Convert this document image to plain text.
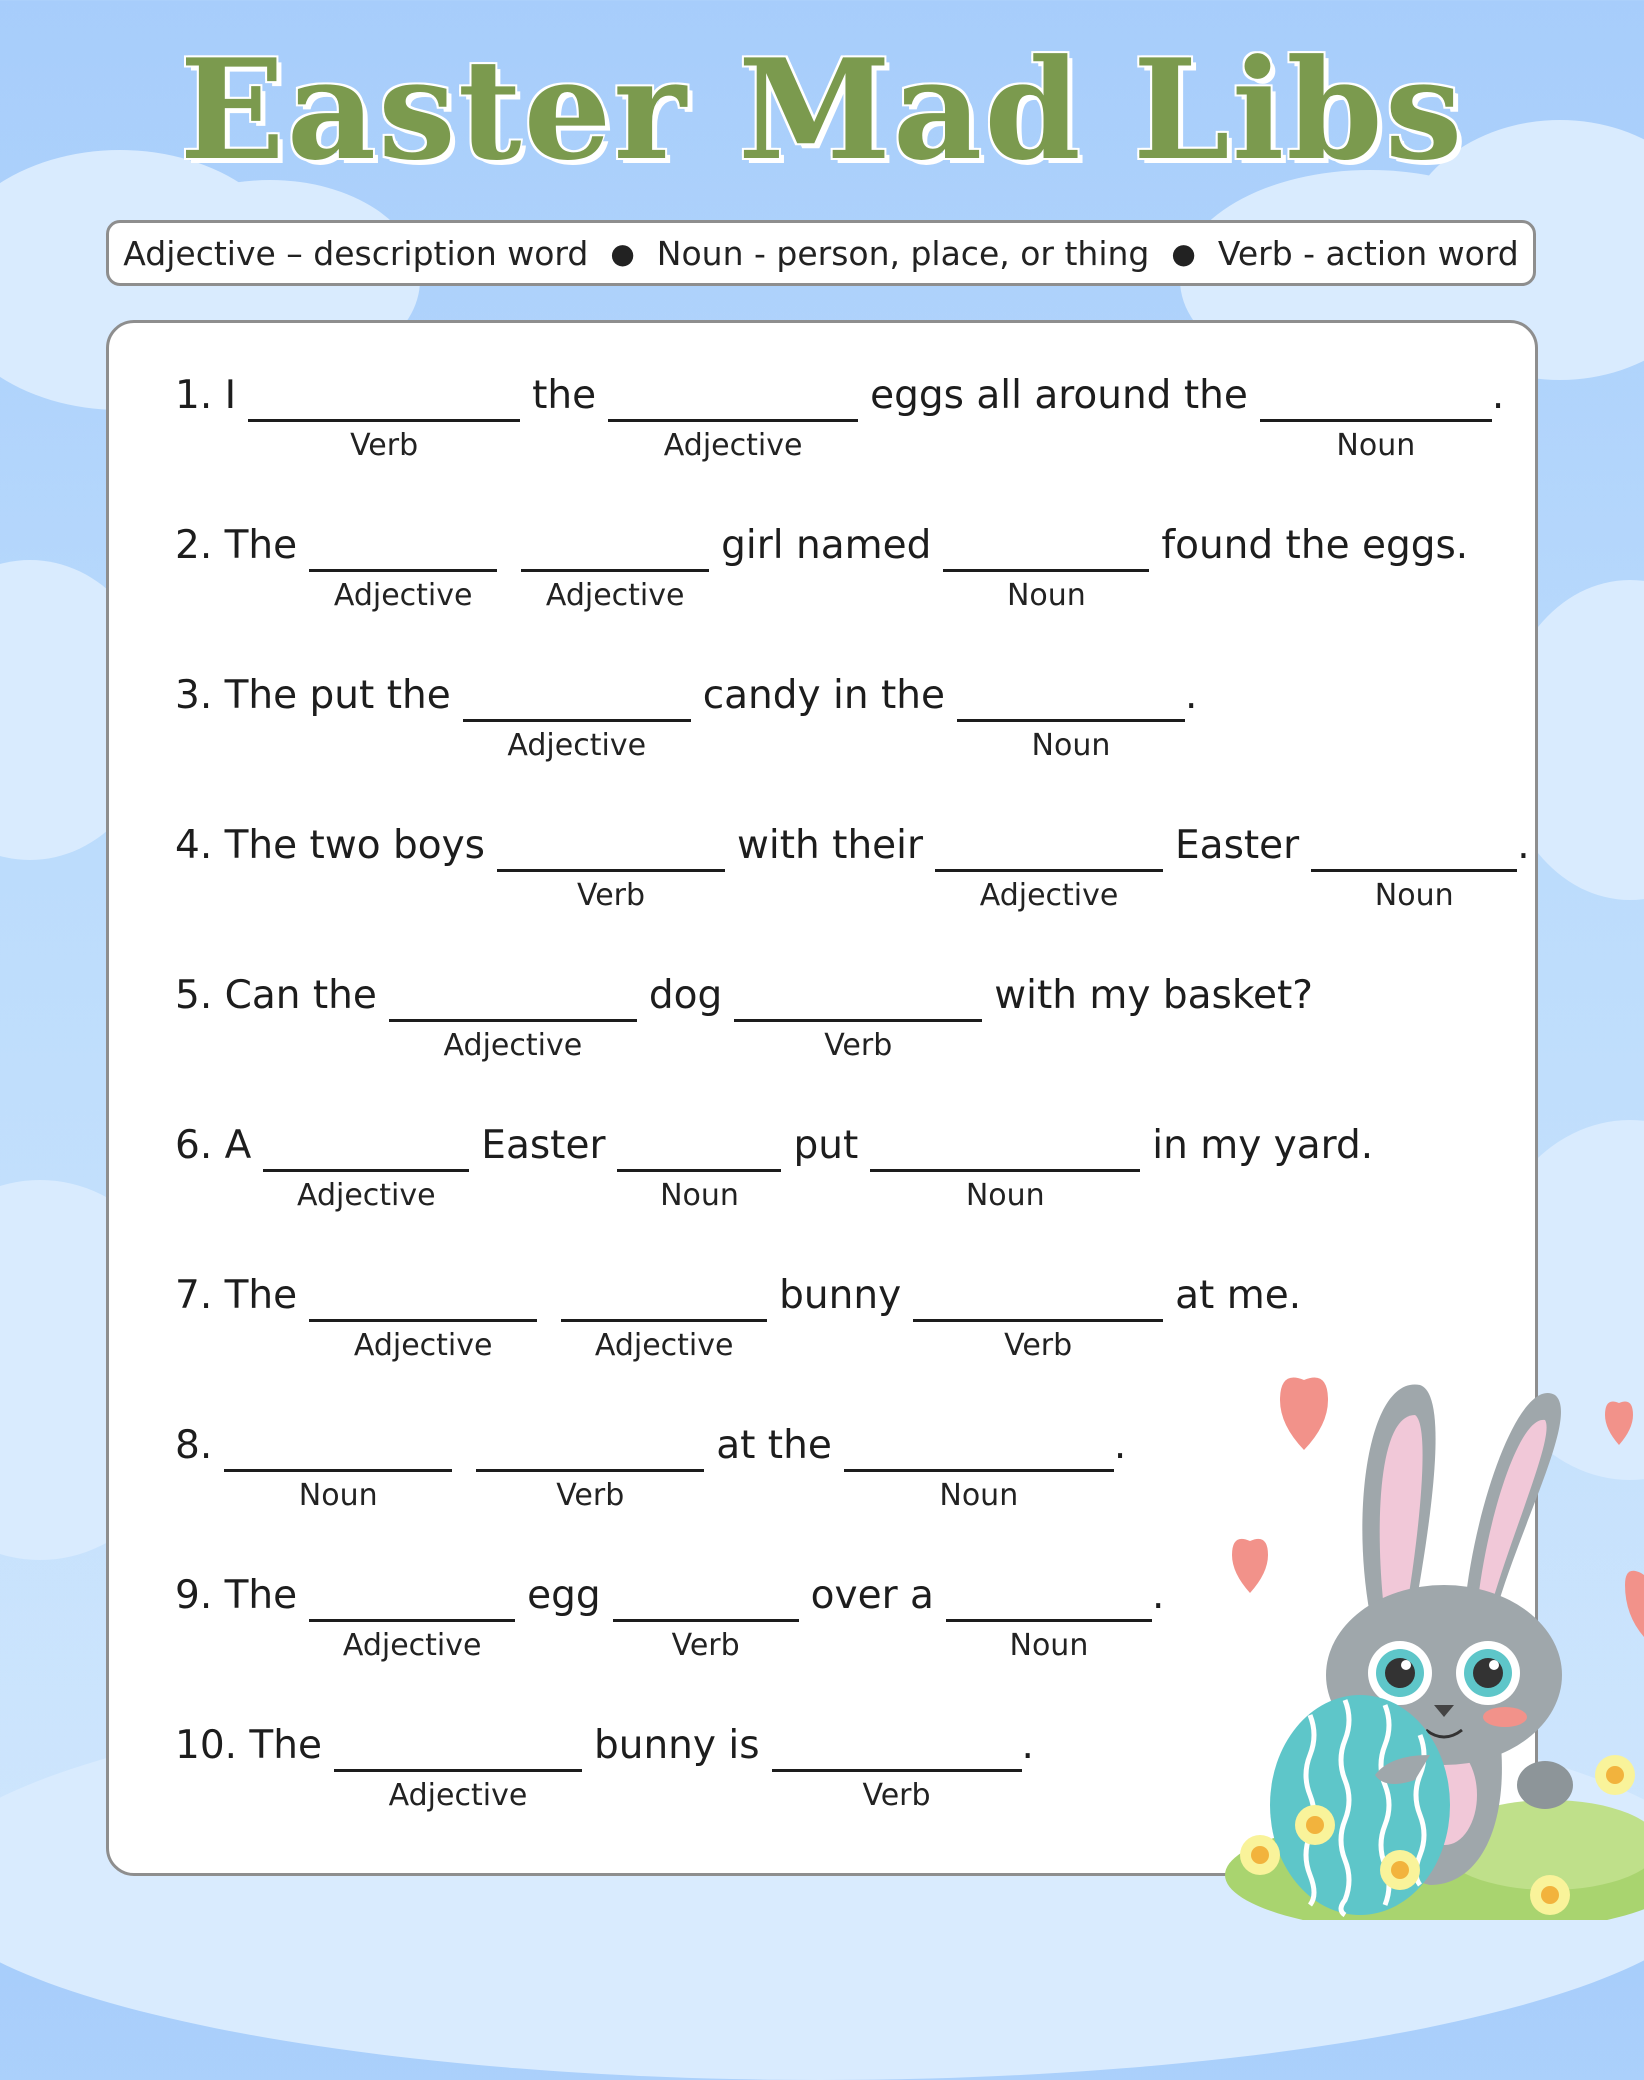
Easter Mad Libs
Adjective – description word ● Noun - person, place, or thing ● Verb - action word
1. I
Verb
the
Adjective
eggs all around the
Noun
.
2. The
Adjective Adjective
girl named
Noun
found the eggs.
3. The put the
Adjective
candy in the
Noun
.
4. The two boys
Verb
with their
Adjective
Easter
Noun
.
5. Can the
Adjective
dog
Verb
with my basket?
6. A
Adjective
Easter
Noun
put
Noun
in my yard.
7. The
Adjective	Adjective
bunny
Verb
at me.
8.
Noun	Verb
at the
Noun
.
9. The
Adjective
egg
Verb
over a
Noun
.
10. The
Adjective
bunny is
Verb
.
